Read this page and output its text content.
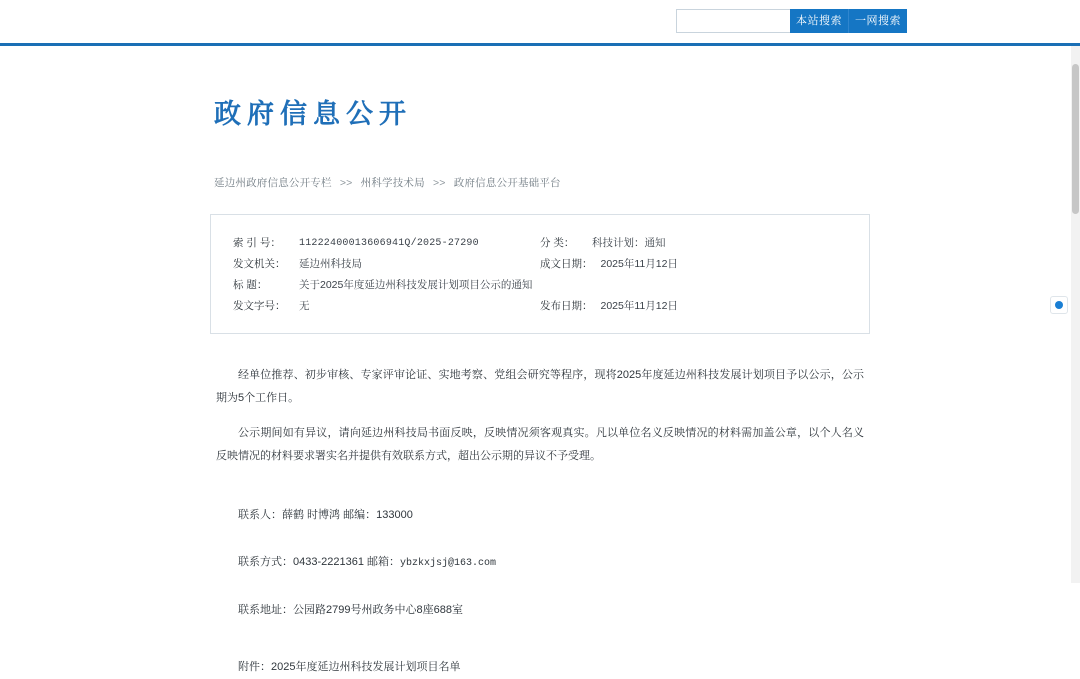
本站搜索	一网搜索
政府信息公开
延边州政府信息公开专栏 >> 州科学技术局 >> 政府信息公开基础平台
索 引 号：	11222400013606941Q/2025-27290	分 类：	科技计划：通知
发文机关：	延边州科技局	成文日期： 2025年11月12日
标 题：	关于2025年度延边州科技发展计划项目公示的通知
发文字号：	无	发布日期： 2025年11月12日

经单位推荐、初步审核、专家评审论证、实地考察、党组会研究等程序，现将2025年度延边州科技发展计划项目予以公示，公示期为5个工作日。

公示期间如有异议，请向延边州科技局书面反映，反映情况须客观真实。凡以单位名义反映情况的材料需加盖公章，以个人名义反映情况的材料要求署实名并提供有效联系方式，超出公示期的异议不予受理。

联系人：薛鹤 时博鸿 邮编：133000

联系方式：0433-2221361 邮箱：ybzkxjsj@163.com

联系地址：公园路2799号州政务中心8座688室

附件：2025年度延边州科技发展计划项目名单
